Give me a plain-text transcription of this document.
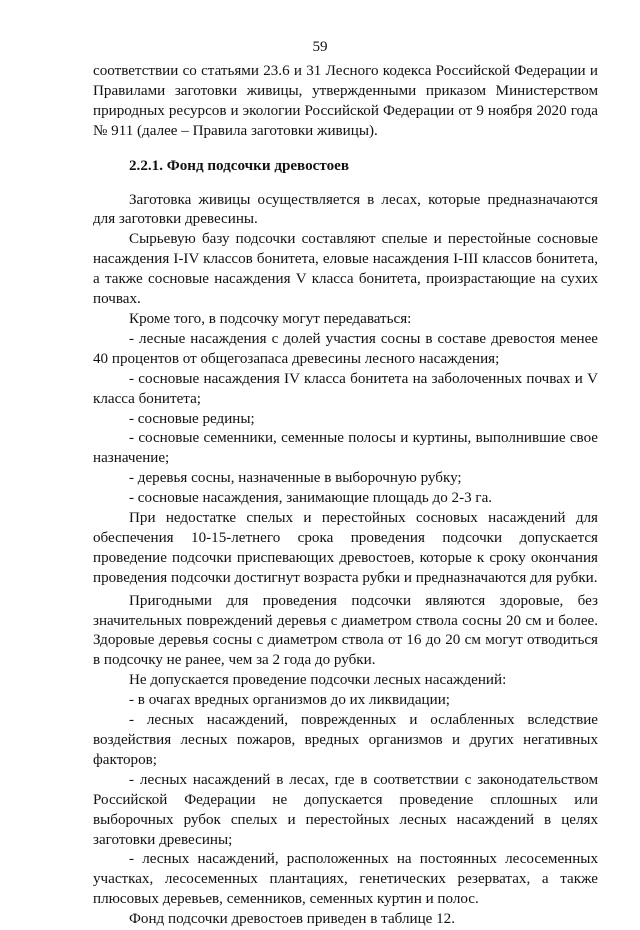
59

соответствии со статьями 23.6 и 31 Лесного кодекса Российской Федерации и Правилами заготовки живицы, утвержденными приказом Министерством природных ресурсов и экологии Российской Федерации от 9 ноября 2020 года № 911 (далее – Правила заготовки живицы).

2.2.1. Фонд подсочки древостоев

Заготовка живицы осуществляется в лесах, которые предназначаются для заготовки древесины.

Сырьевую базу подсочки составляют спелые и перестойные сосновые насаждения I-IV классов бонитета, еловые насаждения I-III классов бонитета, а также сосновые насаждения V класса бонитета, произрастающие на сухих почвах.

Кроме того, в подсочку могут передаваться:

- лесные насаждения с долей участия сосны в составе древостоя менее 40 процентов от общегозапаса древесины лесного насаждения;

- сосновые насаждения IV класса бонитета на заболоченных почвах и V класса бонитета;

- сосновые редины;

- сосновые семенники, семенные полосы и куртины, выполнившие свое назначение;

- деревья сосны, назначенные в выборочную рубку;

- сосновые насаждения, занимающие площадь до 2-3 га.

При недостатке спелых и перестойных сосновых насаждений для обеспечения 10-15-летнего срока проведения подсочки допускается проведение подсочки приспевающих древостоев, которые к сроку окончания проведения подсочки достигнут возраста рубки и предназначаются для рубки.

Пригодными для проведения подсочки являются здоровые, без значительных повреждений деревья с диаметром ствола сосны 20 см и более. Здоровые деревья сосны с диаметром ствола от 16 до 20 см могут отводиться в подсочку не ранее, чем за 2 года до рубки.

Не допускается проведение подсочки лесных насаждений:

- в очагах вредных организмов до их ликвидации;

- лесных насаждений, поврежденных и ослабленных вследствие воздействия лесных пожаров, вредных организмов и других негативных факторов;

- лесных насаждений в лесах, где в соответствии с законодательством Российской Федерации не допускается проведение сплошных или выборочных рубок спелых и перестойных лесных насаждений в целях заготовки древесины;

- лесных насаждений, расположенных на постоянных лесосеменных участках, лесосеменных плантациях, генетических резерватах, а также плюсовых деревьев, семенников, семенных куртин и полос.

Фонд подсочки древостоев приведен в таблице 12.
